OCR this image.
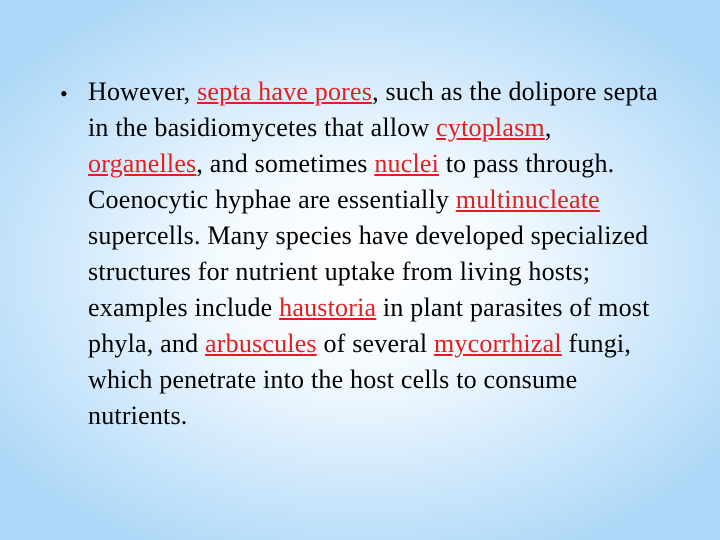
• However, septa have pores, such as the dolipore septa in the basidiomycetes that allow cytoplasm, organelles, and sometimes nuclei to pass through. Coenocytic hyphae are essentially multinucleate supercells. Many species have developed specialized structures for nutrient uptake from living hosts; examples include haustoria in plant parasites of most phyla, and arbuscules of several mycorrhizal fungi, which penetrate into the host cells to consume nutrients.
